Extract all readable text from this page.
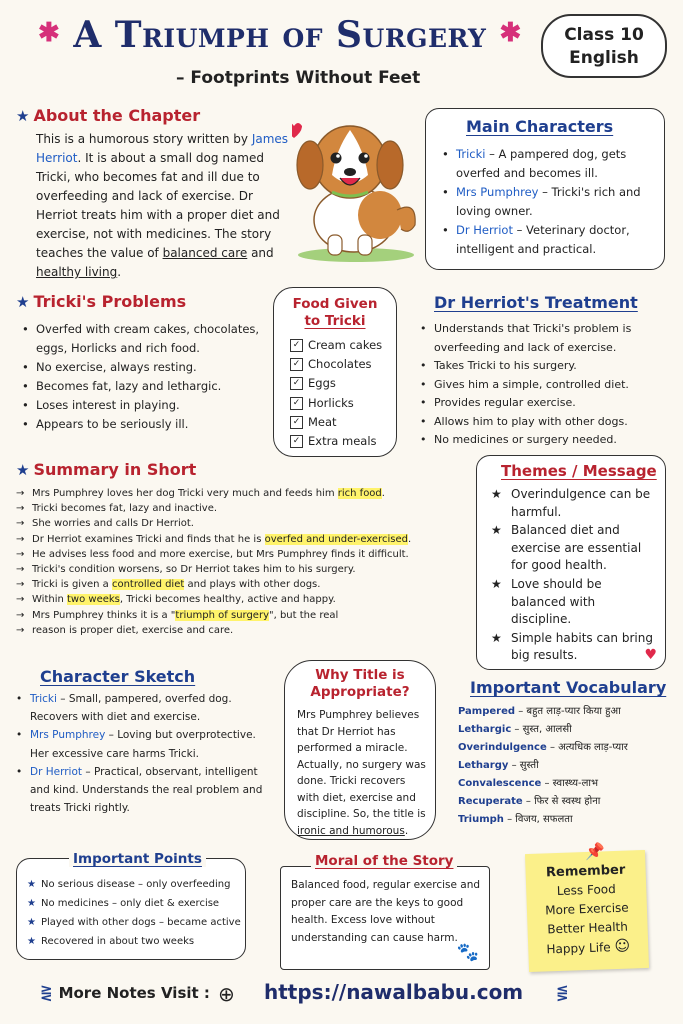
✱ A Triumph of Surgery ✱
– Footprints Without Feet
Class 10
English
★ About the Chapter
This is a humorous story written by James Herriot. It is about a small dog named Tricki, who becomes fat and ill due to overfeeding and lack of exercise. Dr Herriot treats him with a proper diet and exercise, not with medicines. The story teaches the value of balanced care and healthy living.
Main Characters
• Tricki – A pampered dog, gets overfed and becomes ill.
• Mrs Pumphrey – Tricki's rich and loving owner.
• Dr Herriot – Veterinary doctor, intelligent and practical.
★ Tricki's Problems
• Overfed with cream cakes, chocolates, eggs, Horlicks and rich food.
• No exercise, always resting.
• Becomes fat, lazy and lethargic.
• Loses interest in playing.
• Appears to be seriously ill.
Food Given
to Tricki
✓ Cream cakes
✓ Chocolates
✓ Eggs
✓ Horlicks
✓ Meat
✓ Extra meals
Dr Herriot's Treatment
• Understands that Tricki's problem is overfeeding and lack of exercise.
• Takes Tricki to his surgery.
• Gives him a simple, controlled diet.
• Provides regular exercise.
• Allows him to play with other dogs.
• No medicines or surgery needed.
★ Summary in Short
→ Mrs Pumphrey loves her dog Tricki very much and feeds him rich food.
→ Tricki becomes fat, lazy and inactive.
→ She worries and calls Dr Herriot.
→ Dr Herriot examines Tricki and finds that he is overfed and under-exercised.
→ He advises less food and more exercise, but Mrs Pumphrey finds it difficult.
→ Tricki's condition worsens, so Dr Herriot takes him to his surgery.
→ Tricki is given a controlled diet and plays with other dogs.
→ Within two weeks, Tricki becomes healthy, active and happy.
→ Mrs Pumphrey thinks it is a "triumph of surgery", but the real
→ reason is proper diet, exercise and care.
Themes / Message
★ Overindulgence can be harmful.
★ Balanced diet and exercise are essential for good health.
★ Love should be balanced with discipline.
★ Simple habits can bring big results.	♥
Character Sketch
• Tricki – Small, pampered, overfed dog. Recovers with diet and exercise.
• Mrs Pumphrey – Loving but overprotective. Her excessive care harms Tricki.
• Dr Herriot – Practical, observant, intelligent and kind. Understands the real problem and treats Tricki rightly.
Why Title is
Appropriate?
Mrs Pumphrey believes that Dr Herriot has performed a miracle. Actually, no surgery was done. Tricki recovers with diet, exercise and discipline. So, the title is ironic and humorous.
Important Vocabulary
Pampered – बहुत लाड़-प्यार किया हुआ
Lethargic – सुस्त, आलसी
Overindulgence – अत्यधिक लाड़-प्यार
Lethargy – सुस्ती
Convalescence – स्वास्थ्य-लाभ
Recuperate – फिर से स्वस्थ होना
Triumph – विजय, सफलता
Important Points
★ No serious disease – only overfeeding
★ No medicines – only diet & exercise
★ Played with other dogs – became active
★ Recovered in about two weeks
Moral of the Story
Balanced food, regular exercise and proper care are the keys to good health. Excess love without understanding can cause harm.
🐾
📌
Remember
Less Food
More Exercise
Better Health
Happy Life ☺
⋛ More Notes Visit : ⊕ https://nawalbabu.com ⋚
